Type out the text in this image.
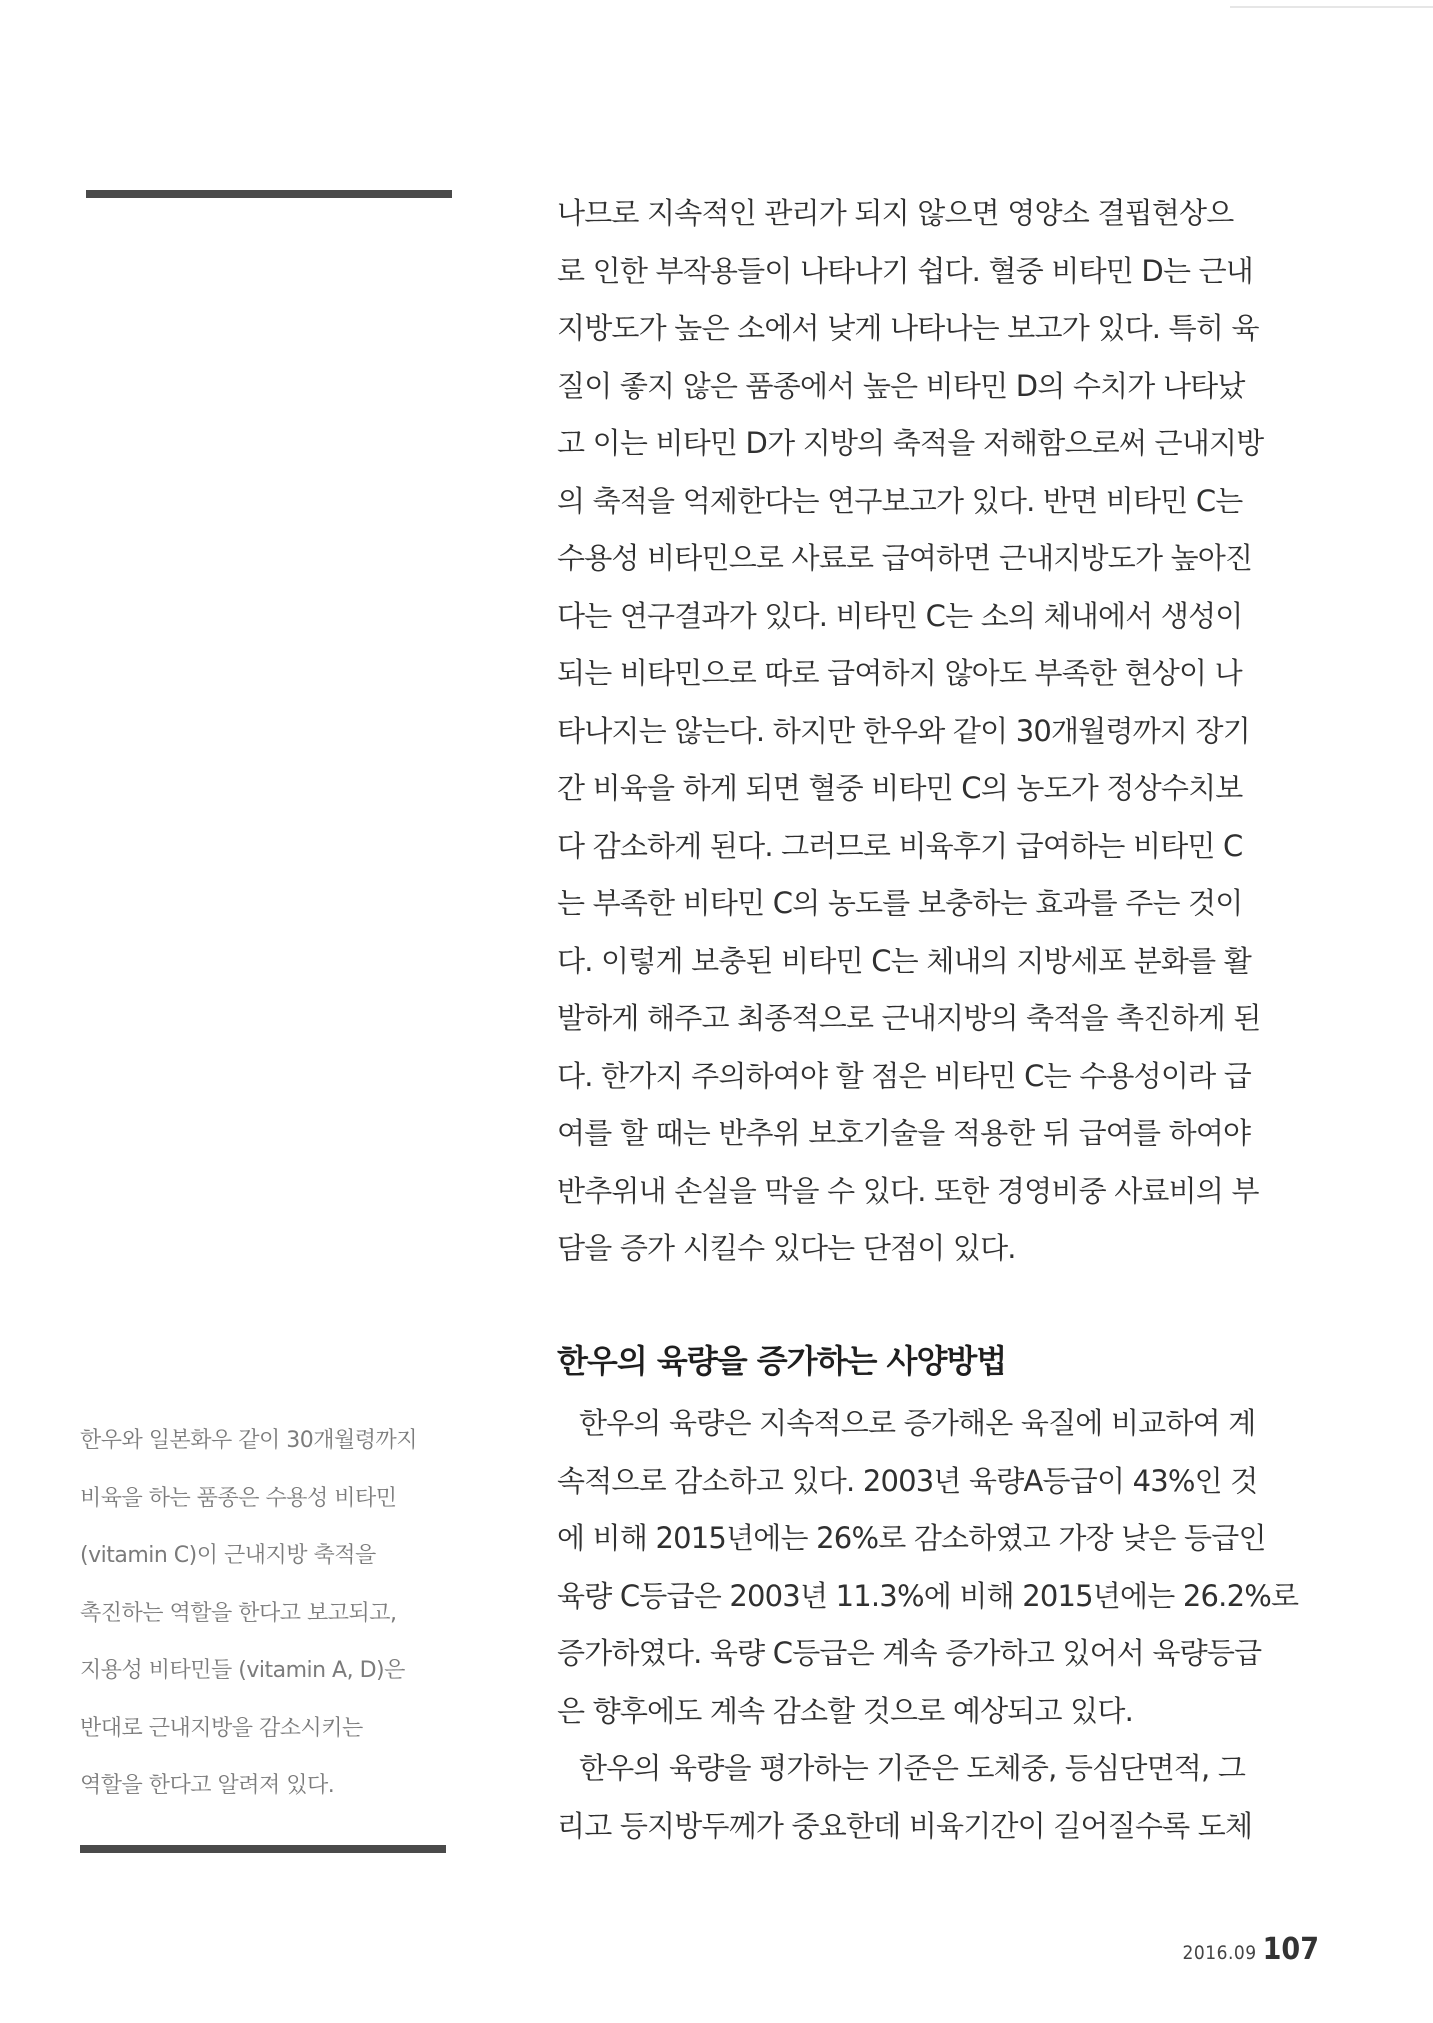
한우와 일본화우 같이 30개월령까지
비육을 하는 품종은 수용성 비타민
(vitamin C)이 근내지방 축적을
촉진하는 역할을 한다고 보고되고,
지용성 비타민들 (vitamin A, D)은
반대로 근내지방을 감소시키는
역할을 한다고 알려져 있다.
나므로 지속적인 관리가 되지 않으면 영양소 결핍현상으
로 인한 부작용들이 나타나기 쉽다. 혈중 비타민 D는 근내
지방도가 높은 소에서 낮게 나타나는 보고가 있다. 특히 육
질이 좋지 않은 품종에서 높은 비타민 D의 수치가 나타났
고 이는 비타민 D가 지방의 축적을 저해함으로써 근내지방
의 축적을 억제한다는 연구보고가 있다. 반면 비타민 C는
수용성 비타민으로 사료로 급여하면 근내지방도가 높아진
다는 연구결과가 있다. 비타민 C는 소의 체내에서 생성이
되는 비타민으로 따로 급여하지 않아도 부족한 현상이 나
타나지는 않는다. 하지만 한우와 같이 30개월령까지 장기
간 비육을 하게 되면 혈중 비타민 C의 농도가 정상수치보
다 감소하게 된다. 그러므로 비육후기 급여하는 비타민 C
는 부족한 비타민 C의 농도를 보충하는 효과를 주는 것이
다. 이렇게 보충된 비타민 C는 체내의 지방세포 분화를 활
발하게 해주고 최종적으로 근내지방의 축적을 촉진하게 된
다. 한가지 주의하여야 할 점은 비타민 C는 수용성이라 급
여를 할 때는 반추위 보호기술을 적용한 뒤 급여를 하여야
반추위내 손실을 막을 수 있다. 또한 경영비중 사료비의 부
담을 증가 시킬수 있다는 단점이 있다.
한우의 육량을 증가하는 사양방법
한우의 육량은 지속적으로 증가해온 육질에 비교하여 계
속적으로 감소하고 있다. 2003년 육량A등급이 43%인 것
에 비해 2015년에는 26%로 감소하였고 가장 낮은 등급인
육량 C등급은 2003년 11.3%에 비해 2015년에는 26.2%로
증가하였다. 육량 C등급은 계속 증가하고 있어서 육량등급
은 향후에도 계속 감소할 것으로 예상되고 있다.
한우의 육량을 평가하는 기준은 도체중, 등심단면적, 그
리고 등지방두께가 중요한데 비육기간이 길어질수록 도체
2016.09 107
